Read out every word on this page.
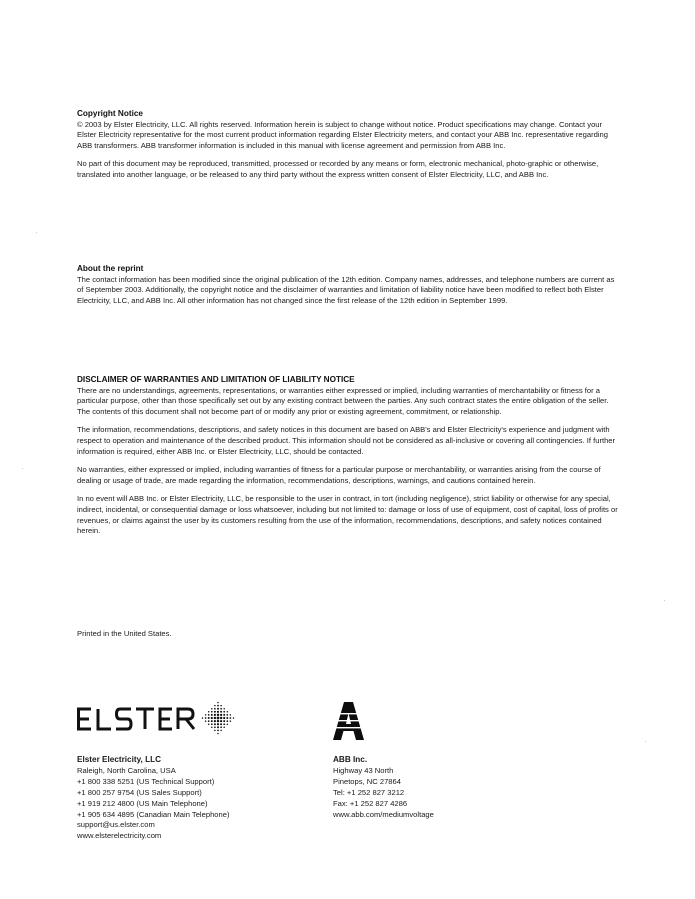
Copyright Notice

© 2003 by Elster Electricity, LLC. All rights reserved. Information herein is subject to change without notice. Product specifications may change. Contact your Elster Electricity representative for the most current product information regarding Elster Electricity meters, and contact your ABB Inc. representative regarding ABB transformers. ABB transformer information is included in this manual with license agreement and permission from ABB Inc.

No part of this document may be reproduced, transmitted, processed or recorded by any means or form, electronic mechanical, photo-graphic or otherwise, translated into another language, or be released to any third party without the express written consent of Elster Electricity, LLC, and ABB Inc.

About the reprint

The contact information has been modified since the original publication of the 12th edition. Company names, addresses, and telephone numbers are current as of September 2003. Additionally, the copyright notice and the disclaimer of warranties and limitation of liability notice have been modified to reflect both Elster Electricity, LLC, and ABB Inc. All other information has not changed since the first release of the 12th edition in September 1999.

DISCLAIMER OF WARRANTIES AND LIMITATION OF LIABILITY NOTICE

There are no understandings, agreements, representations, or warranties either expressed or implied, including warranties of merchantability or fitness for a particular purpose, other than those specifically set out by any existing contract between the parties. Any such contract states the entire obligation of the seller. The contents of this document shall not become part of or modify any prior or existing agreement, commitment, or relationship.

The information, recommendations, descriptions, and safety notices in this document are based on ABB's and Elster Electricity's experience and judgment with respect to operation and maintenance of the described product. This information should not be considered as all-inclusive or covering all contingencies. If further information is required, either ABB Inc. or Elster Electricity, LLC, should be contacted.

No warranties, either expressed or implied, including warranties of fitness for a particular purpose or merchantability, or warranties arising from the course of dealing or usage of trade, are made regarding the information, recommendations, descriptions, warnings, and cautions contained herein.

In no event will ABB Inc. or Elster Electricity, LLC, be responsible to the user in contract, in tort (including negligence), strict liability or otherwise for any special, indirect, incidental, or consequential damage or loss whatsoever, including but not limited to: damage or loss of use of equipment, cost of capital, loss of profits or revenues, or claims against the user by its customers resulting from the use of the information, recommendations, descriptions, and safety notices contained herein.

Printed in the United States.
Elster Electricity, LLC
Raleigh, North Carolina, USA
+1 800 338 5251 (US Technical Support)
+1 800 257 9754 (US Sales Support)
+1 919 212 4800 (US Main Telephone)
+1 905 634 4895 (Canadian Main Telephone)
support@us.elster.com
www.elsterelectricity.com
ABB Inc.
Highway 43 North
Pinetops, NC 27864
Tel: +1 252 827 3212
Fax: +1 252 827 4286
www.abb.com/mediumvoltage
